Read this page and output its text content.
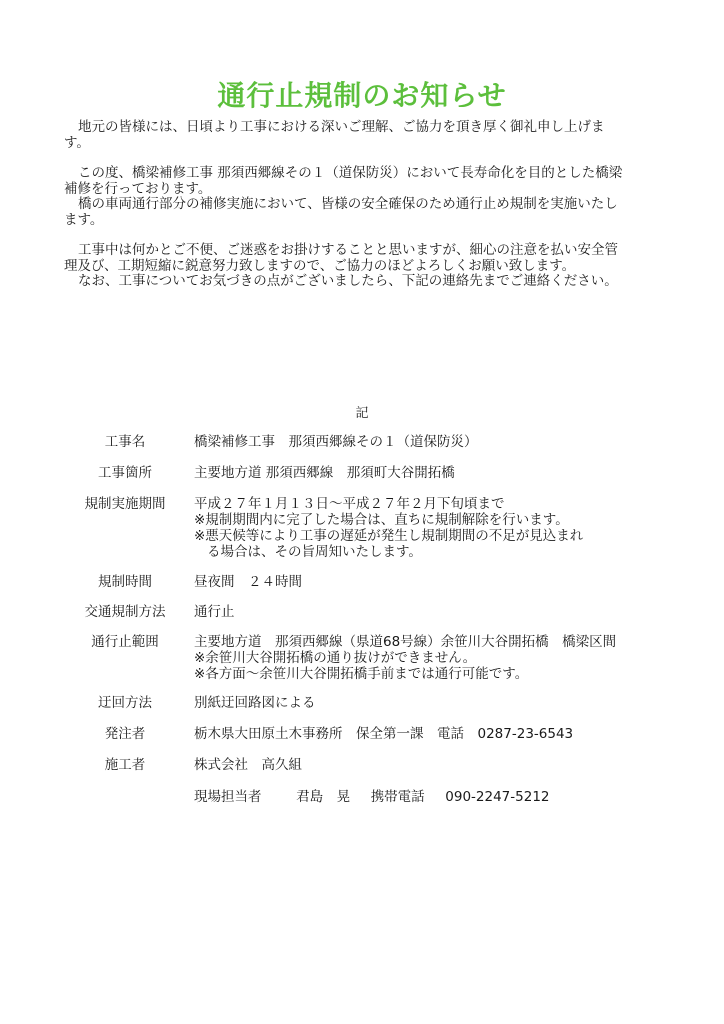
通行止規制のお知らせ

地元の皆様には、日頃より工事における深いご理解、ご協力を頂き厚く御礼申し上げます。

この度、橋梁補修工事 那須西郷線その１（道保防災）において長寿命化を目的とした橋梁補修を行っております。

橋の車両通行部分の補修実施において、皆様の安全確保のため通行止め規制を実施いたします。

工事中は何かとご不便、ご迷惑をお掛けすることと思いますが、細心の注意を払い安全管理及び、工期短縮に鋭意努力致しますので、ご協力のほどよろしくお願い致します。

なお、工事についてお気づきの点がございましたら、下記の連絡先までご連絡ください。

記
工事名	橋梁補修工事　那須西郷線その１（道保防災）
工事箇所	主要地方道 那須西郷線　那須町大谷開拓橋
規制実施期間	平成２７年１月１３日～平成２７年２月下旬頃まで
※規制期間内に完了した場合は、直ちに規制解除を行います。
※悪天候等により工事の遅延が発生し規制期間の不足が見込まれ
る場合は、その旨周知いたします。
規制時間	昼夜間　２４時間
交通規制方法	通行止
通行止範囲	主要地方道　那須西郷線（県道68号線）余笹川大谷開拓橋　橋梁区間
※余笹川大谷開拓橋の通り抜けができません。
※各方面～余笹川大谷開拓橋手前までは通行可能です。
迂回方法	別紙迂回路図による
発注者	栃木県大田原土木事務所　保全第一課　電話　0287-23-6543
施工者	株式会社　高久組
現場担当者	君島　晃 携帯電話 090-2247-5212
